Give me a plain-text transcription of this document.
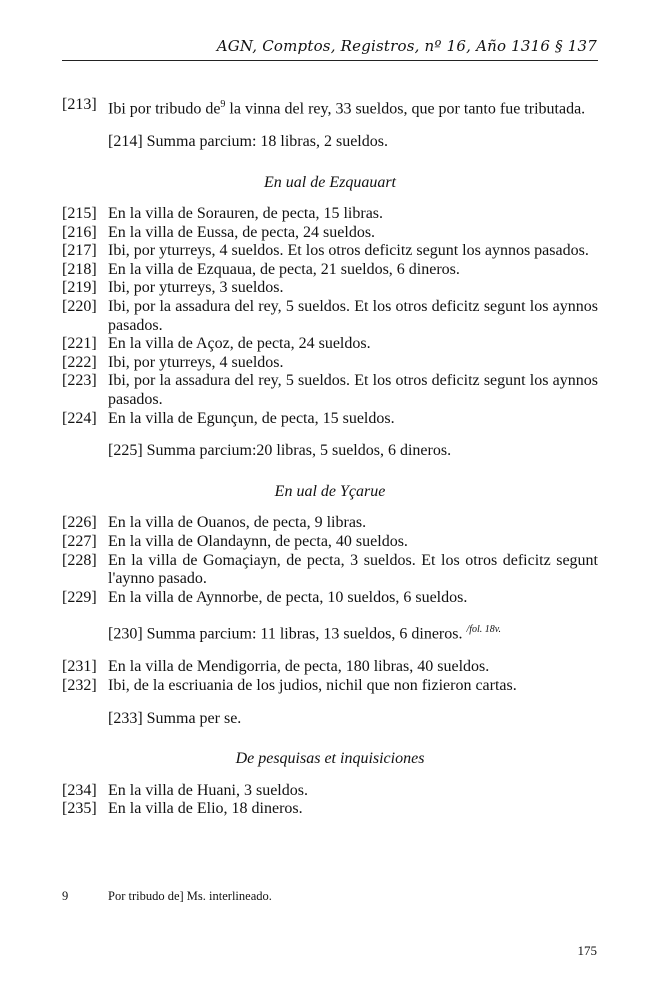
AGN, Comptos, Registros, nº 16, Año 1316 § 137
[213] Ibi por tribudo $de^9$ la vinna del rey, 33 sueldos, que por tanto fue tributada.
[214] Summa parcium: 18 libras, 2 sueldos.
En ual de Ezquauart
[215] En la villa de Sorauren, de pecta, 15 libras.
[216] En la villa de Eussa, de pecta, 24 sueldos.
[217] Ibi, por yturreys, 4 sueldos. Et los otros deficitz segunt los aynnos pasados.
[218] En la villa de Ezquaua, de pecta, 21 sueldos, 6 dineros.
[219] Ibi, por yturreys, 3 sueldos.
[220] Ibi, por la assadura del rey, 5 sueldos. Et los otros deficitz segunt los aynnos pasados.
[221] En la villa de Açoz, de pecta, 24 sueldos.
[222] Ibi, por yturreys, 4 sueldos.
[223] Ibi, por la assadura del rey, 5 sueldos. Et los otros deficitz segunt los aynnos pasados.
[224] En la villa de Egunçun, de pecta, 15 sueldos.
[225] Summa parcium:20 libras, 5 sueldos, 6 dineros.
En ual de Yçarue
[226] En la villa de Ouanos, de pecta, 9 libras.
[227] En la villa de Olandaynn, de pecta, 40 sueldos.
[228] En la villa de Gomaçiayn, de pecta, 3 sueldos. Et los otros deficitz segunt l'aynno pasado.
[229] En la villa de Aynnorbe, de pecta, 10 sueldos, 6 sueldos.
[230] Summa parcium: 11 libras, 13 sueldos, 6 dineros. $^{/fol. 18v.}$
[231] En la villa de Mendigorria, de pecta, 180 libras, 40 sueldos.
[232] Ibi, de la escriuania de los judios, nichil que non fizieron cartas.
[233] Summa per se.
De pesquisas et inquisiciones
[234] En la villa de Huani, 3 sueldos.
[235] En la villa de Elio, 18 dineros.
9	Por tribudo de] Ms. interlineado.
175
